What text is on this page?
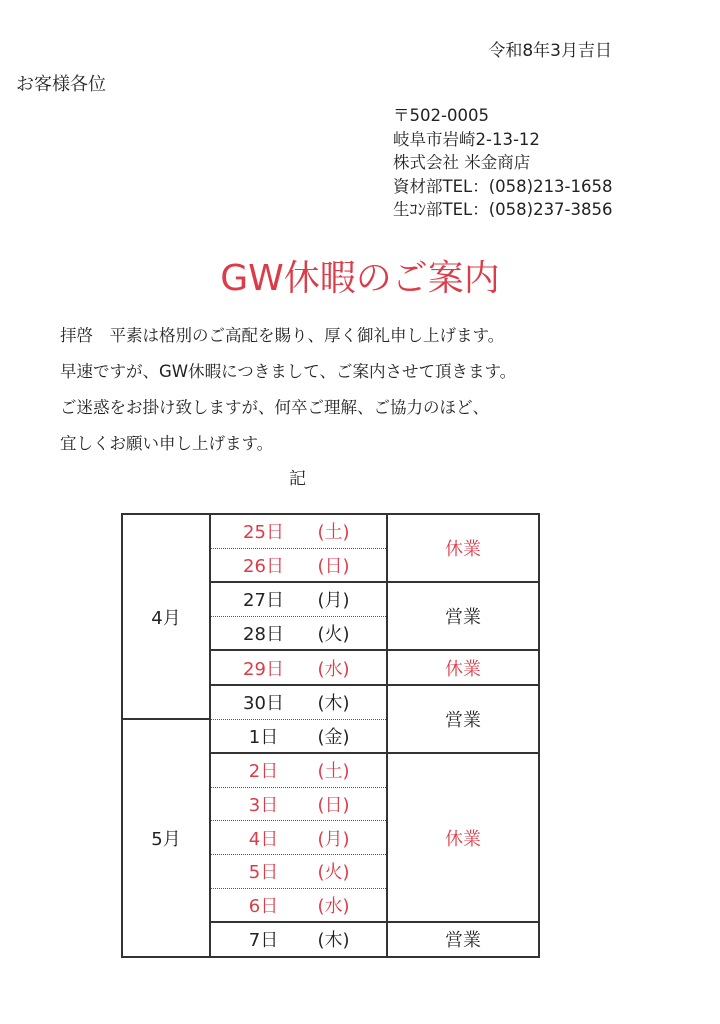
令和8年3月吉日
お客様各位
〒502-0005
岐阜市岩崎2-13-12
株式会社 米金商店
資材部TEL：(058)213-1658
生ｺﾝ部TEL：(058)237-3856
GW休暇のご案内
拝啓　平素は格別のご高配を賜り、厚く御礼申し上げます。
早速ですが、GW休暇につきまして、ご案内させて頂きます。
ご迷惑をお掛け致しますが、何卒ご理解、ご協力のほど、
宜しくお願い申し上げます。
記
4月	25日 (土)	休業
	26日 (日)	
	27日 (月)	営業
	28日 (火)	
	29日 (水)	休業
	30日 (木)	営業
5月	1日 (金)	
	2日 (土)	休業
	3日 (日)	
	4日 (月)	
	5日 (火)	
	6日 (水)	
	7日 (木)	営業
